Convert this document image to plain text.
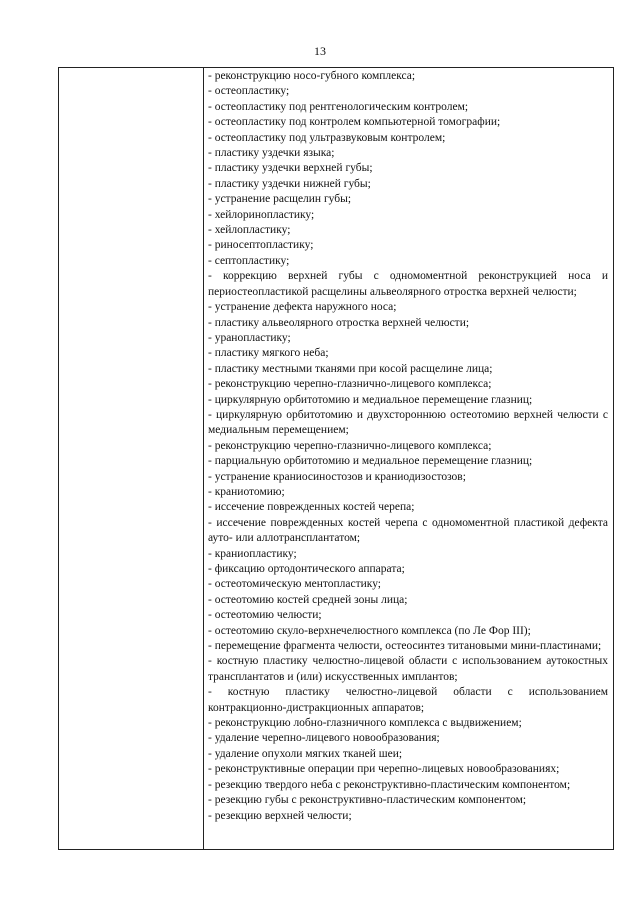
13

- реконструкцию носо-губного комплекса;

- остеопластику;

- остеопластику под рентгенологическим контролем;

- остеопластику под контролем компьютерной томографии;

- остеопластику под ультразвуковым контролем;

- пластику уздечки языка;

- пластику уздечки верхней губы;

- пластику уздечки нижней губы;

- устранение расщелин губы;

- хейлоринопластику;

- хейлопластику;

- риносептопластику;

- септопластику;

- коррекцию верхней губы с одномоментной реконструкцией носа и периостеопластикой расщелины альвеолярного отростка верхней челюсти;

- устранение дефекта наружного носа;

- пластику альвеолярного отростка верхней челюсти;

- уранопластику;

- пластику мягкого неба;

- пластику местными тканями при косой расщелине лица;

- реконструкцию черепно-глазнично-лицевого комплекса;

- циркулярную орбитотомию и медиальное перемещение глазниц;

- циркулярную орбитотомию и двухстороннюю остеотомию верхней челюсти с медиальным перемещением;

- реконструкцию черепно-глазнично-лицевого комплекса;

- парциальную орбитотомию и медиальное перемещение глазниц;

- устранение краниосиностозов и краниодизостозов;

- краниотомию;

- иссечение поврежденных костей черепа;

- иссечение поврежденных костей черепа с одномоментной пластикой дефекта ауто- или аллотрансплантатом;

- краниопластику;

- фиксацию ортодонтического аппарата;

- остеотомическую ментопластику;

- остеотомию костей средней зоны лица;

- остеотомию челюсти;

- остеотомию скуло-верхнечелюстного комплекса (по Ле Фор III);

- перемещение фрагмента челюсти, остеосинтез титановыми мини-пластинами;

- костную пластику челюстно-лицевой области с использованием аутокостных трансплантатов и (или) искусственных имплантов;

- костную пластику челюстно-лицевой области с использованием контракционно-дистракционных аппаратов;

- реконструкцию лобно-глазничного комплекса с выдвижением;

- удаление черепно-лицевого новообразования;

- удаление опухоли мягких тканей шеи;

- реконструктивные операции при черепно-лицевых новообразованиях;

- резекцию твердого неба с реконструктивно-пластическим компонентом;

- резекцию губы с реконструктивно-пластическим компонентом;

- резекцию верхней челюсти;
